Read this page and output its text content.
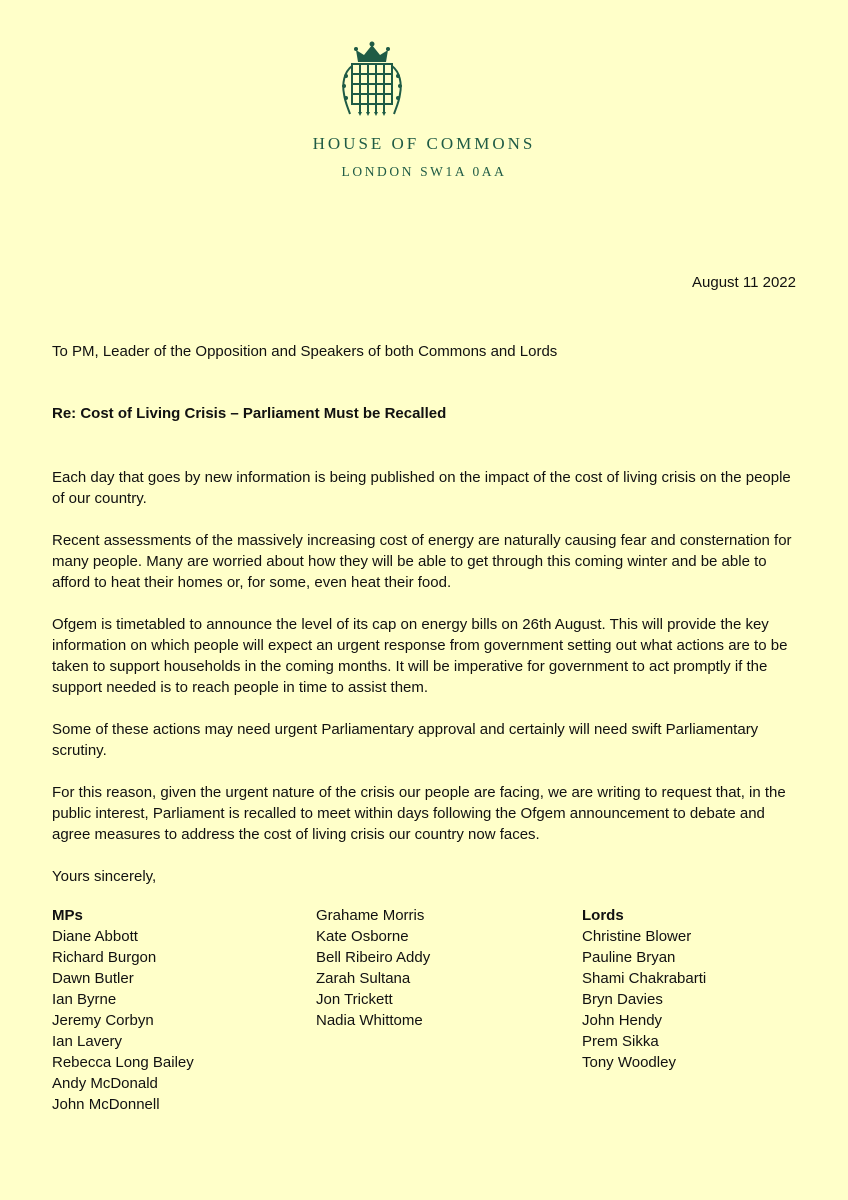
HOUSE OF COMMONS
LONDON SW1A 0AA
August 11 2022
To PM, Leader of the Opposition and Speakers of both Commons and Lords
Re: Cost of Living Crisis – Parliament Must be Recalled

Each day that goes by new information is being published on the impact of the cost of living crisis on the people of our country.

Recent assessments of the massively increasing cost of energy are naturally causing fear and consternation for many people. Many are worried about how they will be able to get through this coming winter and be able to afford to heat their homes or, for some, even heat their food.

Ofgem is timetabled to announce the level of its cap on energy bills on 26th August. This will provide the key information on which people will expect an urgent response from government setting out what actions are to be taken to support households in the coming months. It will be imperative for government to act promptly if the support needed is to reach people in time to assist them.

Some of these actions may need urgent Parliamentary approval and certainly will need swift Parliamentary scrutiny.

For this reason, given the urgent nature of the crisis our people are facing, we are writing to request that, in the public interest, Parliament is recalled to meet within days following the Ofgem announcement to debate and agree measures to address the cost of living crisis our country now faces.

Yours sincerely,

MPs
Diane Abbott
Richard Burgon
Dawn Butler
Ian Byrne
Jeremy Corbyn
Ian Lavery
Rebecca Long Bailey
Andy McDonald
John McDonnell
Grahame Morris
Kate Osborne
Bell Ribeiro Addy
Zarah Sultana
Jon Trickett
Nadia Whittome
Lords
Christine Blower
Pauline Bryan
Shami Chakrabarti
Bryn Davies
John Hendy
Prem Sikka
Tony Woodley
